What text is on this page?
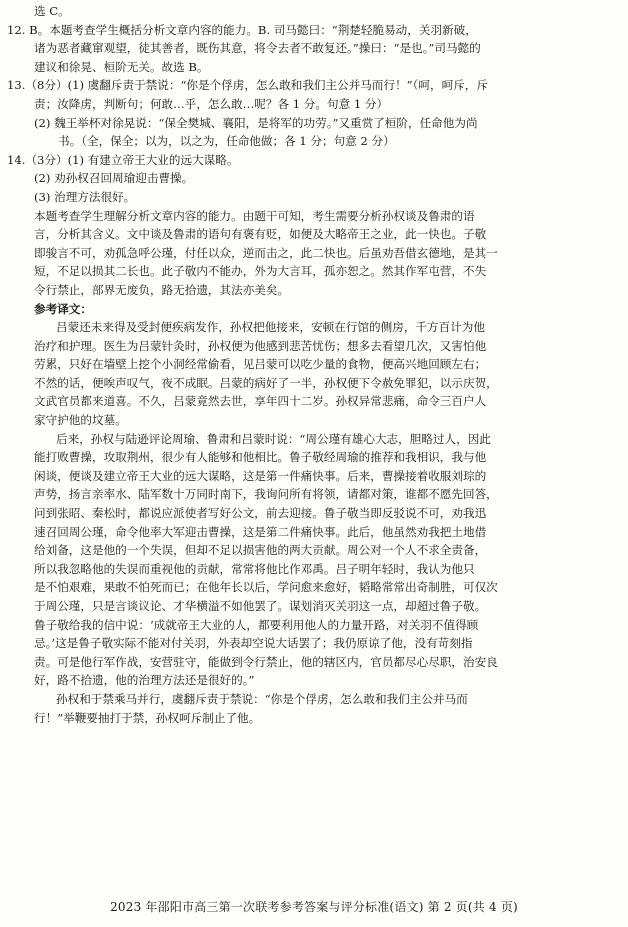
选 C。
12. B。本题考查学生概括分析文章内容的能力。B. 司马懿曰：“荆楚轻脆易动，关羽新破，
诸为恶者藏窜观望，徒其善者，既伤其意，将令去者不敢复还。”操曰：“是也。”司马懿的
建议和徐晃、桓阶无关。故选 B。
13.（8分）(1) 虞翻斥责于禁说：“你是个俘虏，怎么敢和我们主公并马而行！”（呵，呵斥，斥
责；汝降虏，判断句；何敢…乎，怎么敢…呢？各 1 分。句意 1 分）
(2) 魏王举杯对徐晃说：“保全樊城、襄阳，是将军的功劳。”又重赏了桓阶，任命他为尚
书。（全，保全；以为，以之为，任命他做；各 1 分；句意 2 分）
14.（3分）(1) 有建立帝王大业的远大谋略。
(2) 劝孙权召回周瑜迎击曹操。
(3) 治理方法很好。
本题考查学生理解分析文章内容的能力。由题干可知，考生需要分析孙权谈及鲁肃的语
言，分析其含义。文中谈及鲁肃的语句有褒有贬，如便及大略帝王之业，此一快也。子敬
即骏言不可，劝孤急呼公瑾，付任以众，逆而击之，此二快也。后虽劝吾借玄德地，是其一
短，不足以损其二长也。此子敬内不能办，外为大言耳，孤亦恕之。然其作军屯营，不失
令行禁止，部界无废负，路无拾遗，其法亦美矣。
参考译文：
吕蒙还未来得及受封便疾病发作，孙权把他接来，安顿在行馆的侧房，千方百计为他
治疗和护理。医生为吕蒙针灸时，孙权便为他感到悲苦忧伤；想多去看望几次，又害怕他
劳累，只好在墙壁上挖个小洞经常偷看，见吕蒙可以吃少量的食物，便高兴地回顾左右；
不然的话，便唉声叹气，夜不成眠。吕蒙的病好了一半，孙权便下令赦免罪犯，以示庆贺，
文武官员都来道喜。不久，吕蒙竟然去世，享年四十二岁。孙权异常悲痛，命令三百户人
家守护他的坟墓。
后来，孙权与陆逊评论周瑜、鲁肃和吕蒙时说：“周公瑾有雄心大志，胆略过人，因此
能打败曹操，攻取荆州，很少有人能够和他相比。鲁子敬经周瑜的推荐和我相识，我与他
闲谈，便谈及建立帝王大业的远大谋略，这是第一件痛快事。后来，曹操接着收服刘琮的
声势，扬言亲率水、陆军数十万同时南下，我询问所有将领，请都对策，谁都不愿先回答，
问到张昭、秦松时，都说应派使者写好公文，前去迎接。鲁子敬当即反驳说不可，劝我迅
速召回周公瑾，命令他率大军迎击曹操，这是第二件痛快事。此后，他虽然劝我把土地借
给刘备，这是他的一个失误，但却不足以损害他的两大贡献。周公对一个人不求全责备，
所以我忽略他的失误而重视他的贡献，常常将他比作邓禹。吕子明年轻时，我认为他只
是不怕艰难，果敢不怕死而已；在他年长以后，学问愈来愈好，韬略常常出奇制胜，可仅次
于周公瑾，只是言谈议论、才华横溢不如他罢了。谋划消灭关羽这一点，却超过鲁子敬。
鲁子敬给我的信中说：‘成就帝王大业的人，都要利用他人的力量开路，对关羽不值得顾
忌。’这是鲁子敬实际不能对付关羽，外表却空说大话罢了；我仍原谅了他，没有苛刻指
责。可是他行军作战，安营驻守，能做到令行禁止，他的辖区内，官员都尽心尽职，治安良
好，路不拾遗，他的治理方法还是很好的。”
孙权和于禁乘马并行，虞翻斥责于禁说：“你是个俘虏，怎么敢和我们主公并马而
行！”举鞭要抽打于禁，孙权呵斥制止了他。
2023 年邵阳市高三第一次联考参考答案与评分标准(语文) 第 2 页(共 4 页)
